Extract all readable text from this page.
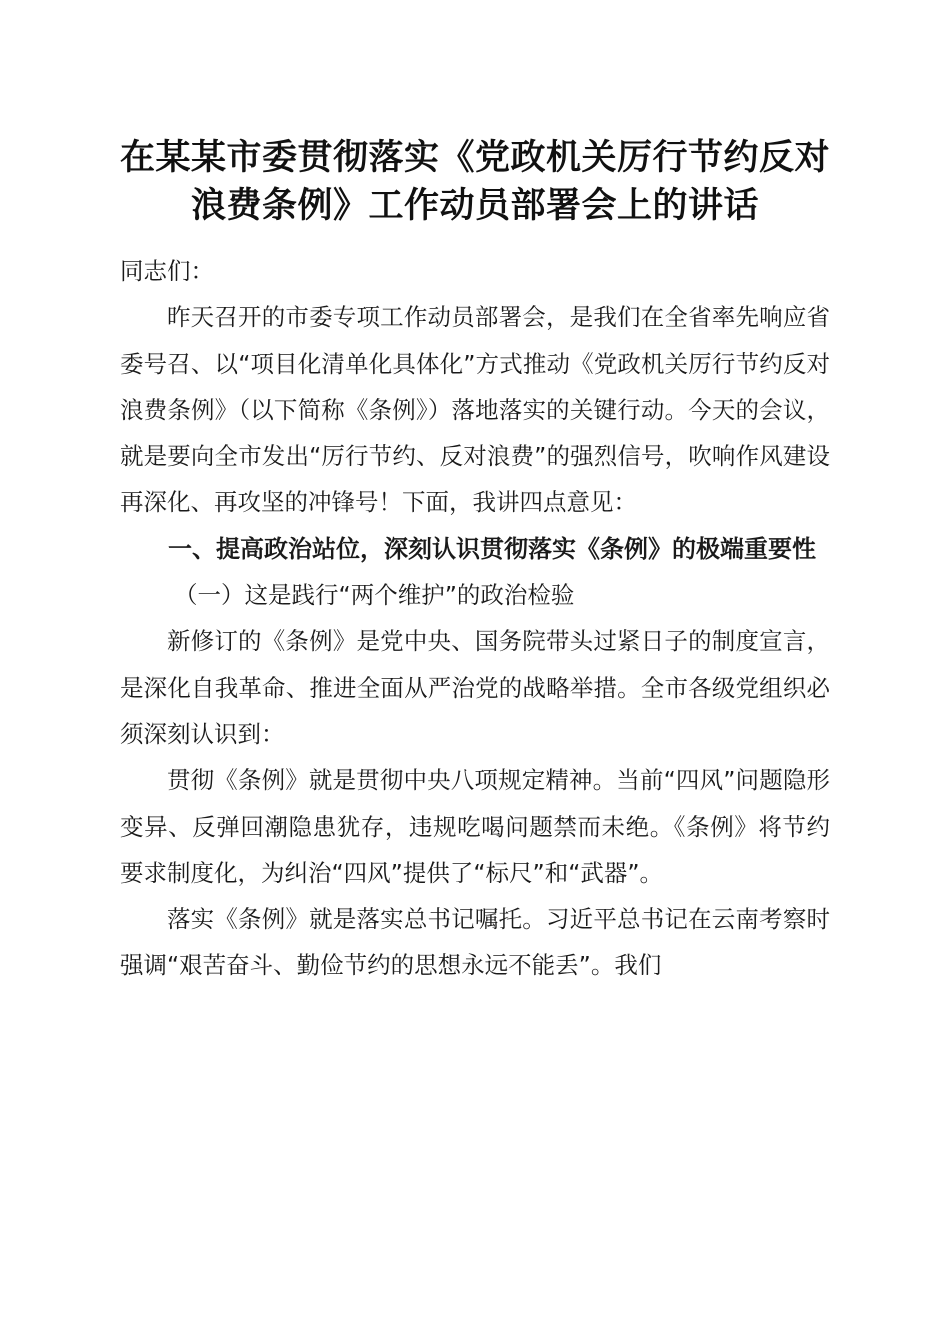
在某某市委贯彻落实《党政机关厉行节约反对
浪费条例》工作动员部署会上的讲话

同志们：

昨天召开的市委专项工作动员部署会，是我们在全省率先响应省委号召、以“项目化清单化具体化”方式推动《党政机关厉行节约反对浪费条例》（以下简称《条例》）落地落实的关键行动。今天的会议，就是要向全市发出“厉行节约、反对浪费”的强烈信号，吹响作风建设再深化、再攻坚的冲锋号！下面，我讲四点意见：

一、提高政治站位，深刻认识贯彻落实《条例》的极端重要性

（一）这是践行“两个维护”的政治检验

新修订的《条例》是党中央、国务院带头过紧日子的制度宣言，是深化自我革命、推进全面从严治党的战略举措。全市各级党组织必须深刻认识到：

贯彻《条例》就是贯彻中央八项规定精神。当前“四风”问题隐形变异、反弹回潮隐患犹存，违规吃喝问题禁而未绝。《条例》将节约要求制度化，为纠治“四风”提供了“标尺”和“武器”。

落实《条例》就是落实总书记嘱托。习近平总书记在云南考察时强调“艰苦奋斗、勤俭节约的思想永远不能丢”。我们
